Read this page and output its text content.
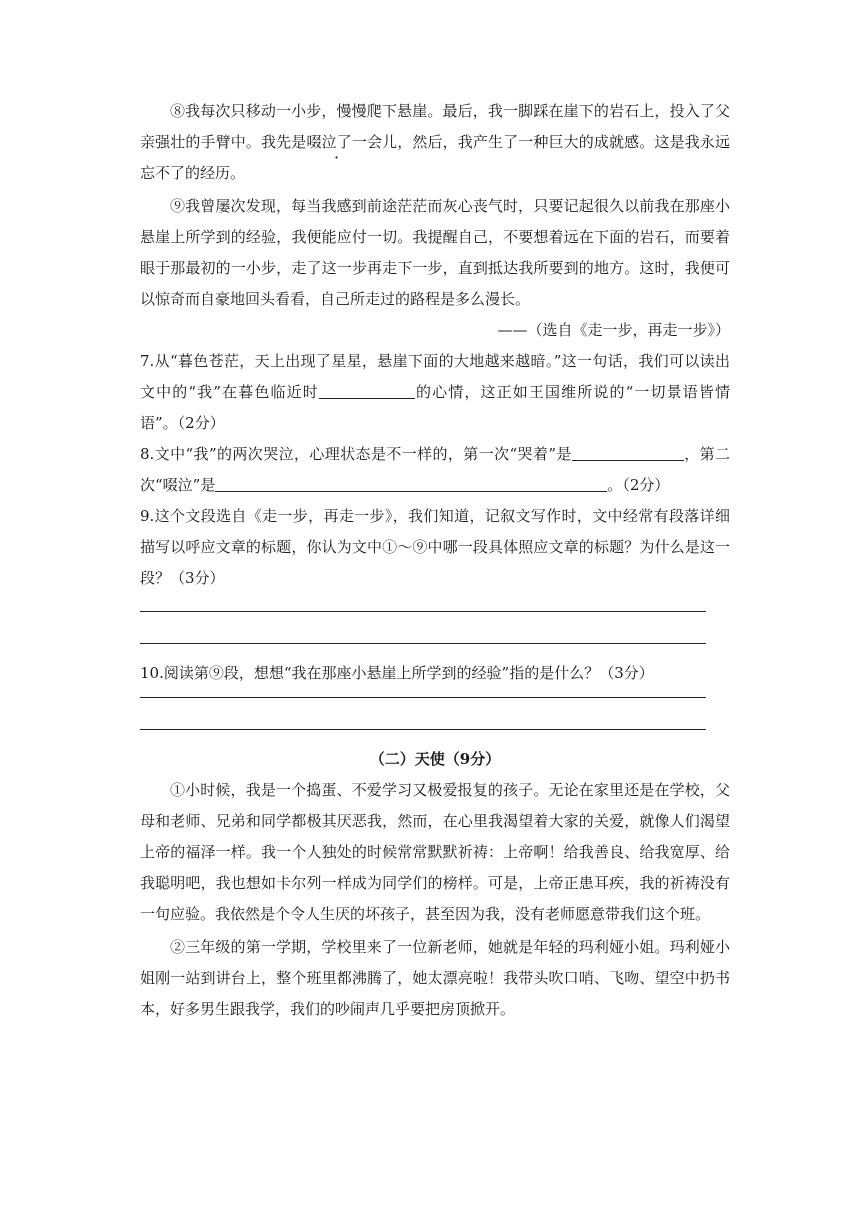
⑧我每次只移动一小步，慢慢爬下悬崖。最后，我一脚踩在崖下的岩石上，投入了父亲强壮的手臂中。我先是啜泣了一会儿，然后，我产生了一种巨大的成就感。这是我永远忘不了的经历。

⑨我曾屡次发现，每当我感到前途茫茫而灰心丧气时，只要记起很久以前我在那座小悬崖上所学到的经验，我便能应付一切。我提醒自己，不要想着远在下面的岩石，而要着眼于那最初的一小步，走了这一步再走下一步，直到抵达我所要到的地方。这时，我便可以惊奇而自豪地回头看看，自己所走过的路程是多么漫长。

——（选自《走一步，再走一步》）

7.从“暮色苍茫，天上出现了星星，悬崖下面的大地越来越暗。”这一句话，我们可以读出文中的“我”在暮色临近时	的心情，这正如王国维所说的“一切景语皆情语”。（2分）

8.文中“我”的两次哭泣，心理状态是不一样的，第一次“哭着”是	，第二次“啜泣”是	。（2分）

9.这个文段选自《走一步，再走一步》，我们知道，记叙文写作时，文中经常有段落详细描写以呼应文章的标题，你认为文中①～⑨中哪一段具体照应文章的标题？为什么是这一段？（3分）

10.阅读第⑨段，想想“我在那座小悬崖上所学到的经验”指的是什么？（3分）

（二）天使（9分）

①小时候，我是一个捣蛋、不爱学习又极爱报复的孩子。无论在家里还是在学校，父母和老师、兄弟和同学都极其厌恶我，然而，在心里我渴望着大家的关爱，就像人们渴望上帝的福泽一样。我一个人独处的时候常常默默祈祷：上帝啊！给我善良、给我宽厚、给我聪明吧，我也想如卡尔列一样成为同学们的榜样。可是，上帝正患耳疾，我的祈祷没有一句应验。我依然是个令人生厌的坏孩子，甚至因为我，没有老师愿意带我们这个班。

②三年级的第一学期，学校里来了一位新老师，她就是年轻的玛利娅小姐。玛利娅小姐刚一站到讲台上，整个班里都沸腾了，她太漂亮啦！我带头吹口哨、飞吻、望空中扔书本，好多男生跟我学，我们的吵闹声几乎要把房顶掀开。
